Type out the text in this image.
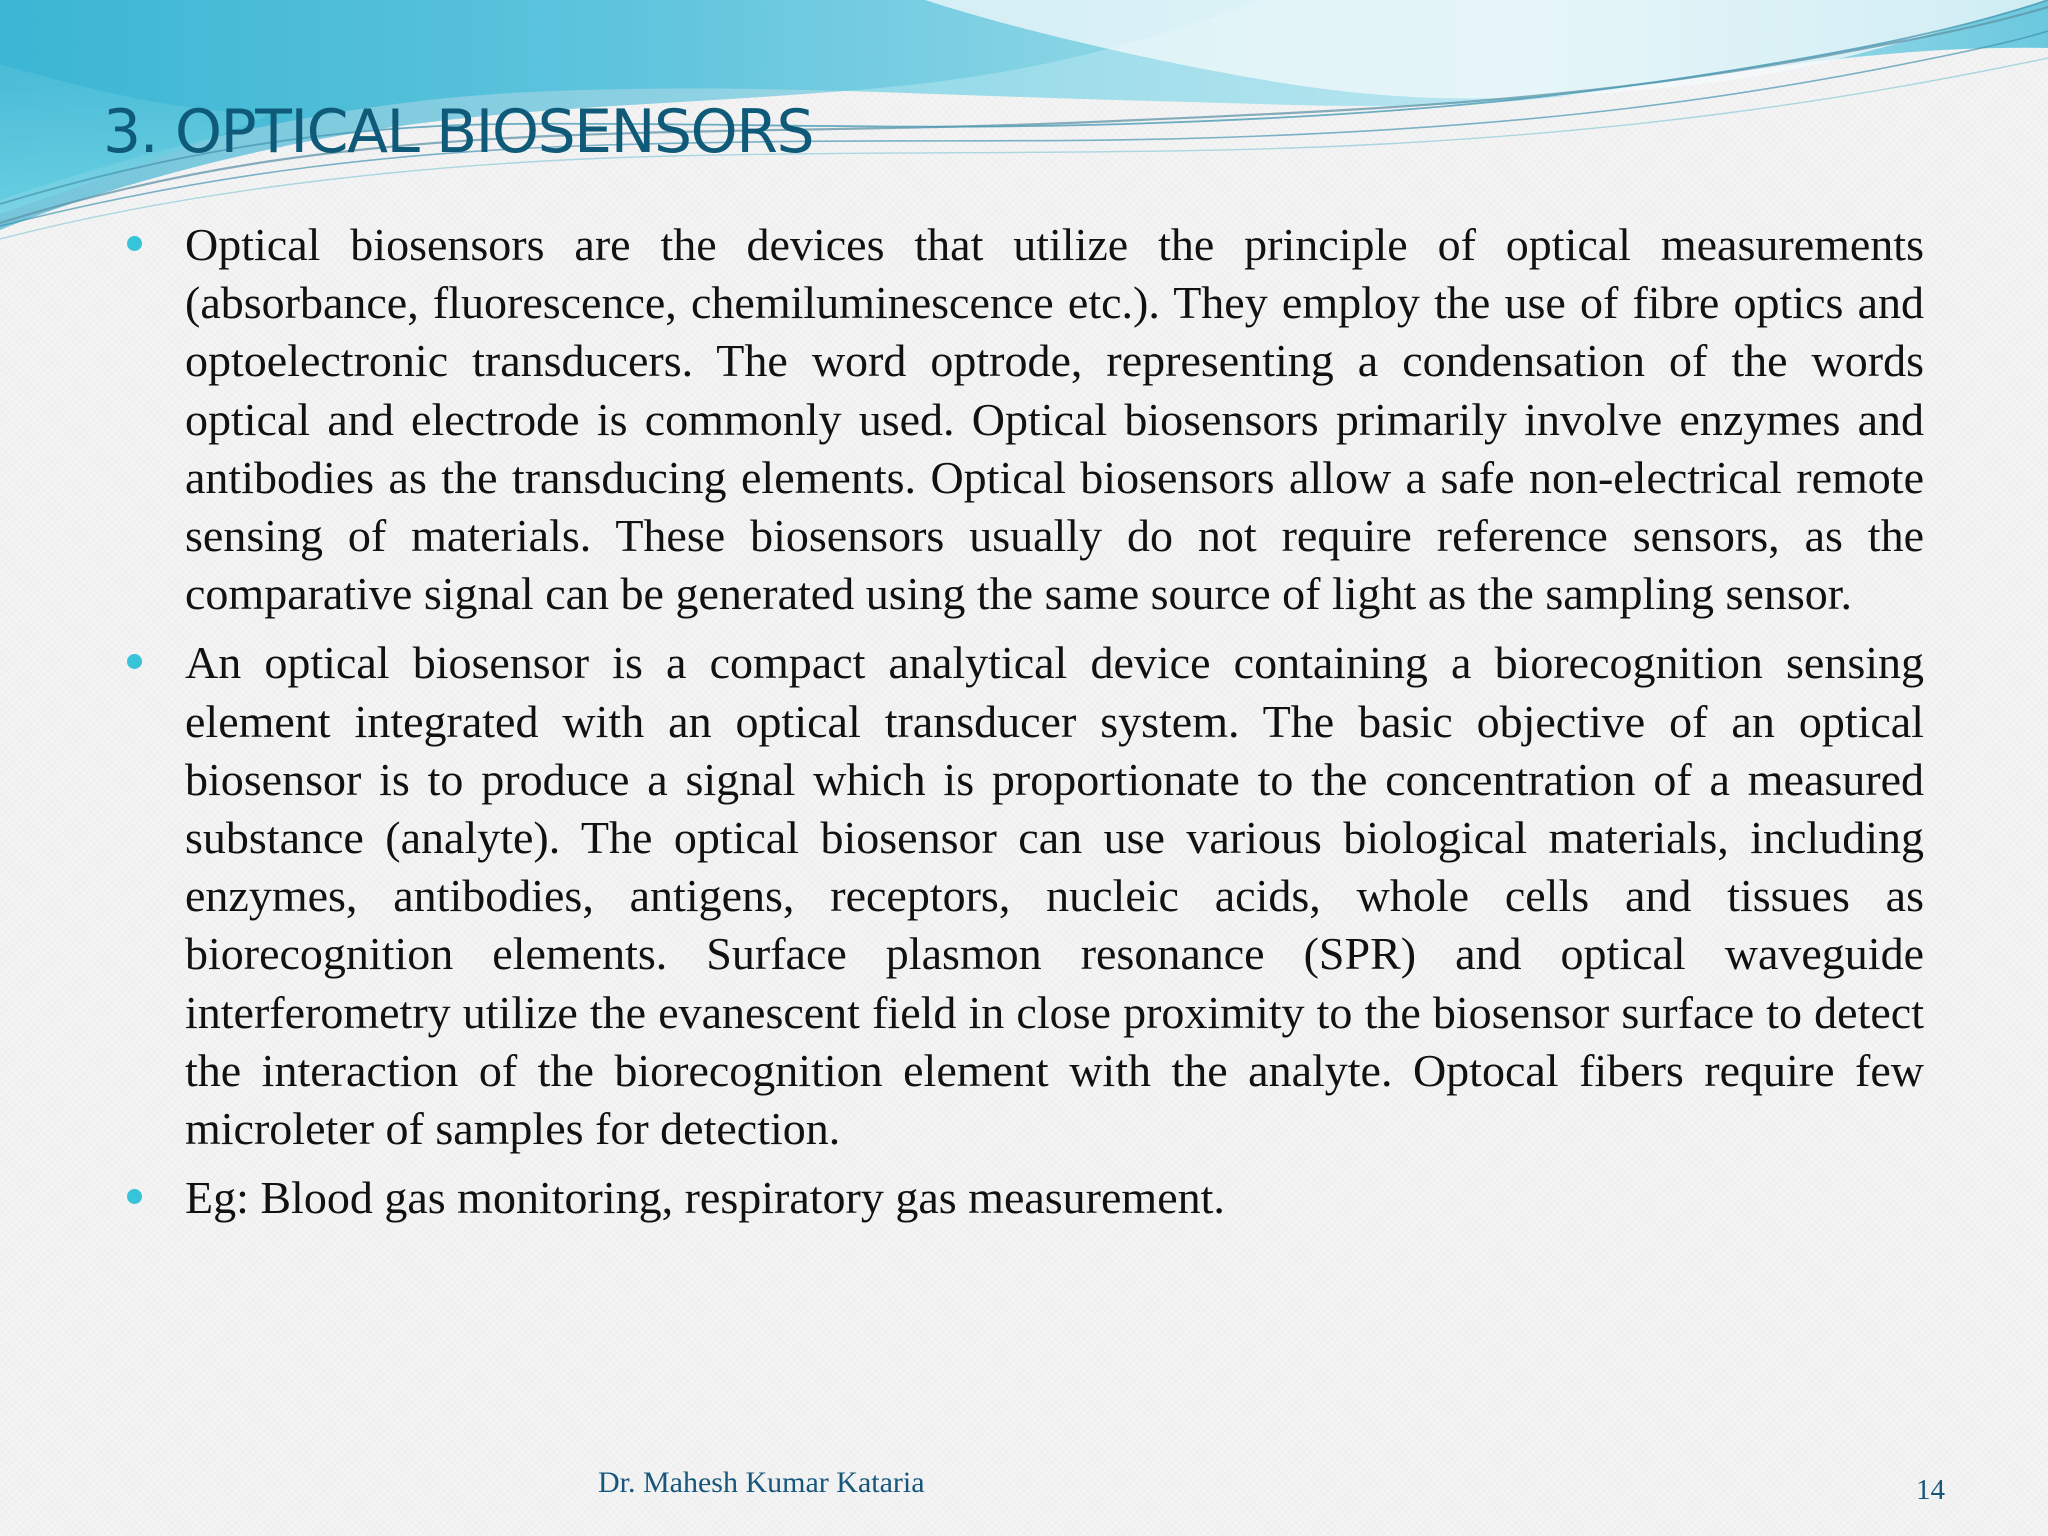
3. OPTICAL BIOSENSORS
Optical biosensors are the devices that utilize the principle of optical measurements (absorbance, fluorescence, chemiluminescence etc.). They employ the use of fibre optics and optoelectronic transducers. The word optrode, representing a condensation of the words optical and electrode is commonly used. Optical biosensors primarily involve enzymes and antibodies as the transducing elements. Optical biosensors allow a safe non-electrical remote sensing of materials. These biosensors usually do not require reference sensors, as the comparative signal can be generated using the same source of light as the sampling sensor.
An optical biosensor is a compact analytical device containing a biorecognition sensing element integrated with an optical transducer system. The basic objective of an optical biosensor is to produce a signal which is proportionate to the concentration of a measured substance (analyte). The optical biosensor can use various biological materials, including enzymes, antibodies, antigens, receptors, nucleic acids, whole cells and tissues as biorecognition elements. Surface plasmon resonance (SPR) and optical waveguide interferometry utilize the evanescent field in close proximity to the biosensor surface to detect the interaction of the biorecognition element with the analyte. Optocal fibers require few microleter of samples for detection.
Eg: Blood gas monitoring, respiratory gas measurement.
Dr. Mahesh Kumar Kataria	14
